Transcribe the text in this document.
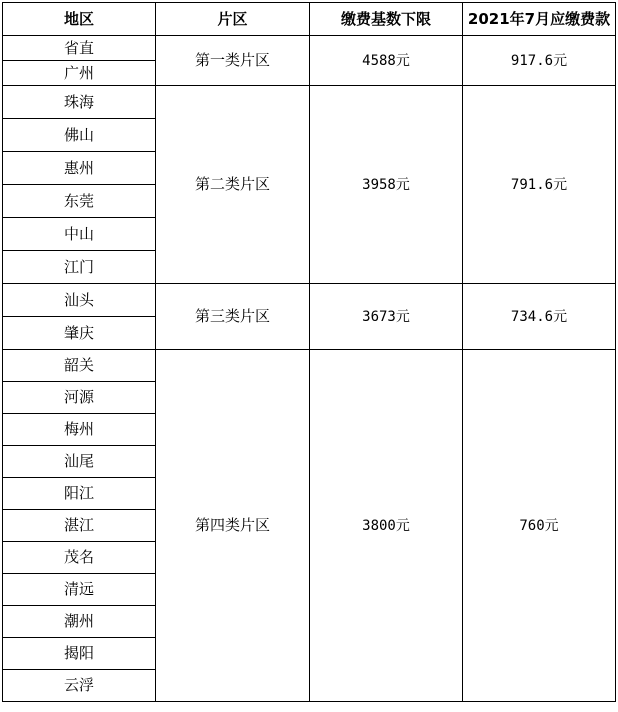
地区	片区	缴费基数下限	2021年7月应缴费款
省直	第一类片区	4588元	917.6元
广州			
珠海	第二类片区	3958元	791.6元
佛山			
惠州			
东莞			
中山			
江门			
汕头	第三类片区	3673元	734.6元
肇庆			
韶关	第四类片区	3800元	760元
河源			
梅州			
汕尾			
阳江			
湛江			
茂名			
清远			
潮州			
揭阳			
云浮			
